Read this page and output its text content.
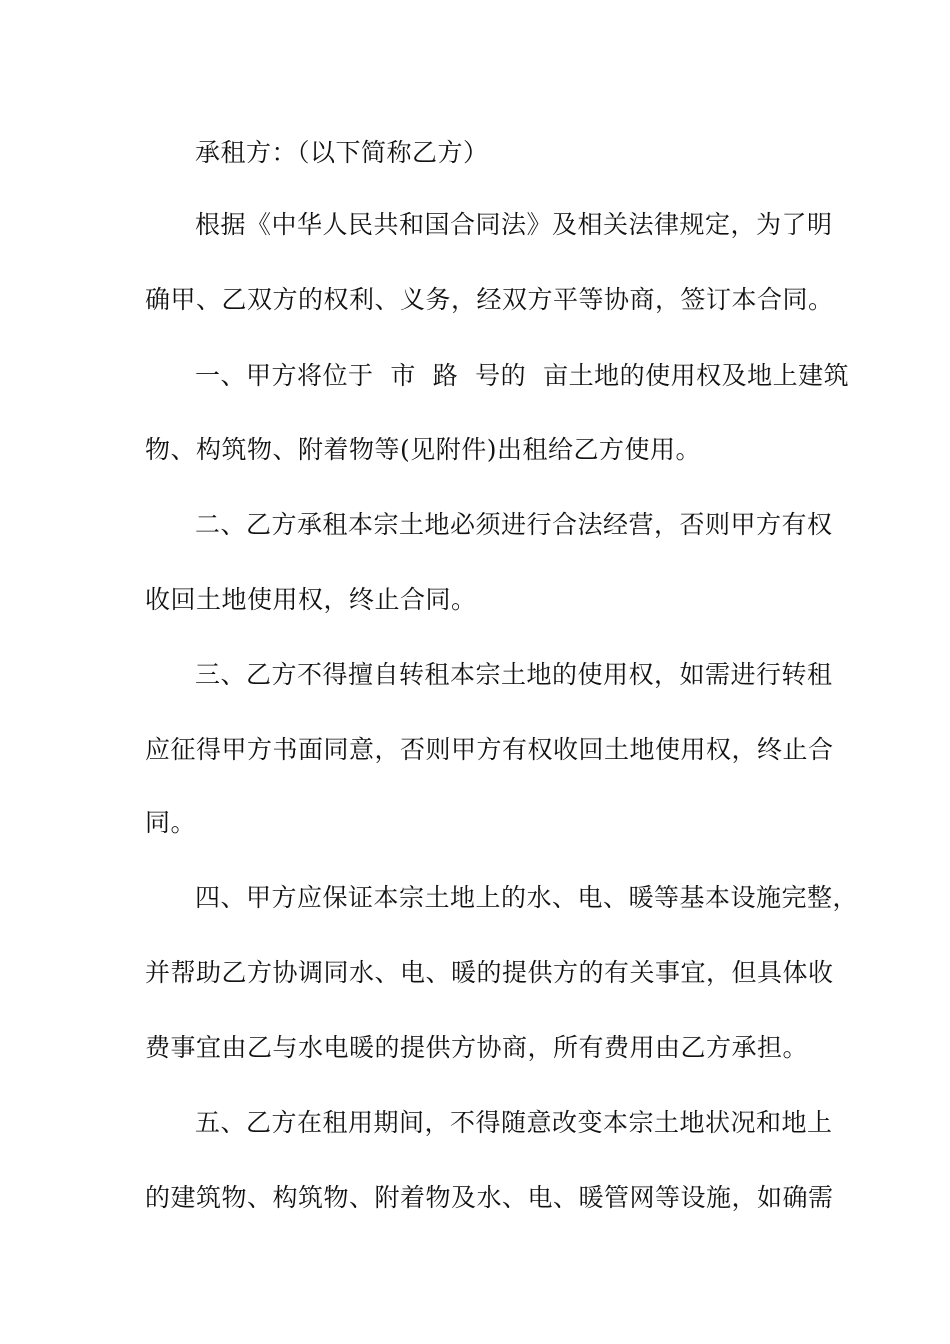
承租方：（以下简称乙方）
根据《中华人民共和国合同法》及相关法律规定，为了明
确甲、乙双方的权利、义务，经双方平等协商，签订本合同。
一、甲方将位于  市  路  号的  亩土地的使用权及地上建筑
物、构筑物、附着物等(见附件)出租给乙方使用。
二、乙方承租本宗土地必须进行合法经营，否则甲方有权
收回土地使用权，终止合同。
三、乙方不得擅自转租本宗土地的使用权，如需进行转租
应征得甲方书面同意，否则甲方有权收回土地使用权，终止合
同。
四、甲方应保证本宗土地上的水、电、暖等基本设施完整，
并帮助乙方协调同水、电、暖的提供方的有关事宜，但具体收
费事宜由乙与水电暖的提供方协商，所有费用由乙方承担。
五、乙方在租用期间，不得随意改变本宗土地状况和地上
的建筑物、构筑物、附着物及水、电、暖管网等设施，如确需
